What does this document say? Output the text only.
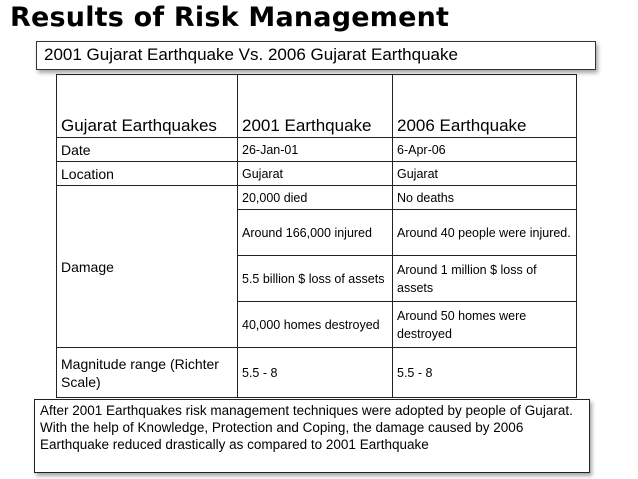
Results of Risk Management
2001 Gujarat Earthquake Vs. 2006 Gujarat Earthquake
Gujarat Earthquakes	2001 Earthquake	2006 Earthquake
Date	26-Jan-01	6-Apr-06
Location	Gujarat	Gujarat
Damage	20,000 died	No deaths
	Around 166,000 injured	Around 40 people were injured.
	5.5 billion $ loss of assets	Around 1 million $ loss of assets
	40,000 homes destroyed	Around 50 homes were destroyed
Magnitude range (Richter Scale)	5.5 - 8	5.5 - 8
After 2001 Earthquakes risk management techniques were adopted by people of Gujarat. With the help of Knowledge, Protection and Coping, the damage caused by 2006 Earthquake reduced drastically as compared to 2001 Earthquake
